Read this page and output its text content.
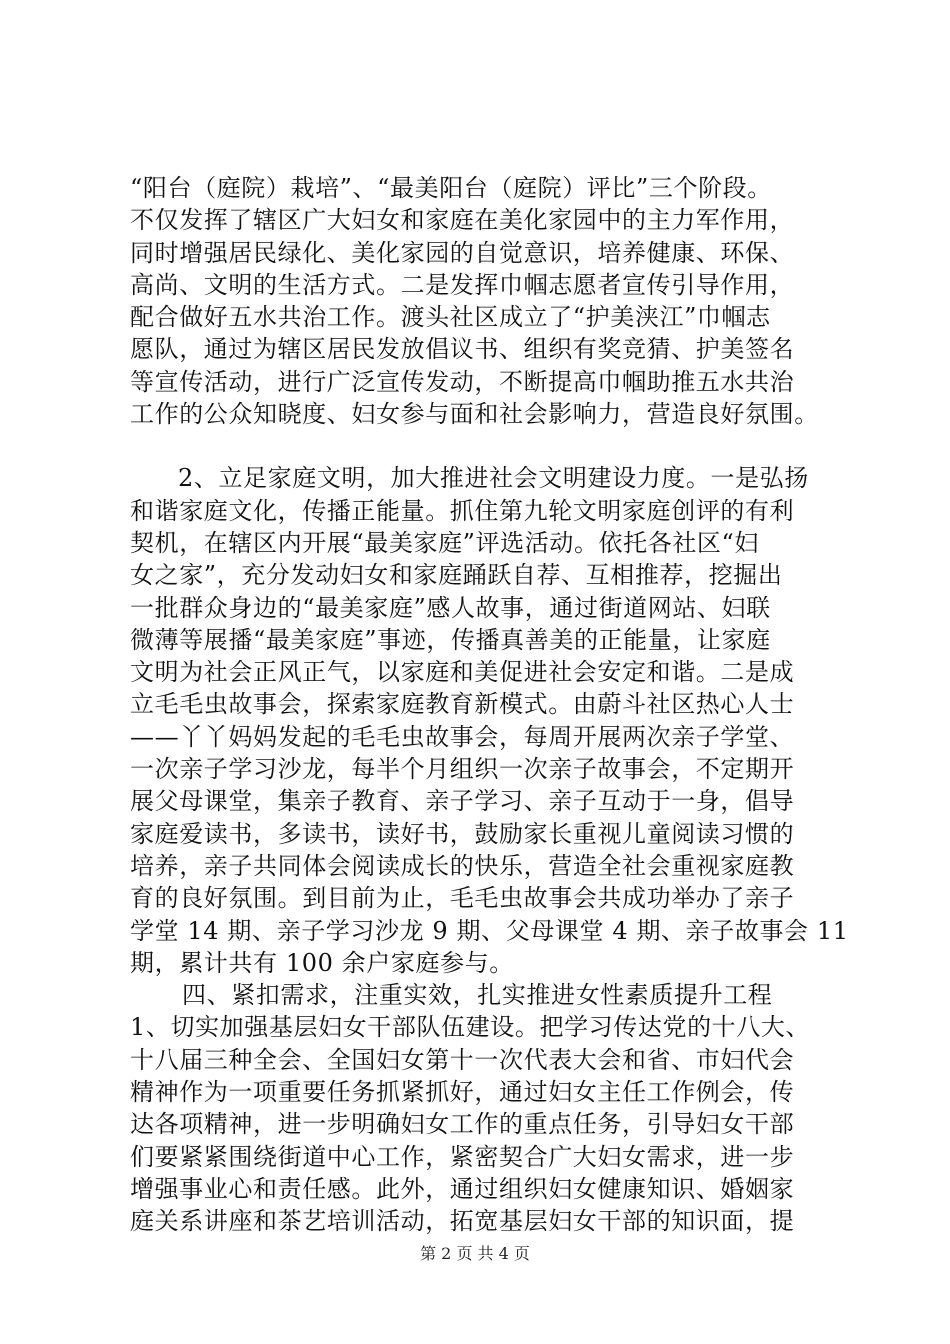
“阳台（庭院）栽培”、“最美阳台（庭院）评比”三个阶段。
不仅发挥了辖区广大妇女和家庭在美化家园中的主力军作用，
同时增强居民绿化、美化家园的自觉意识，培养健康、环保、
高尚、文明的生活方式。二是发挥巾帼志愿者宣传引导作用，
配合做好五水共治工作。渡头社区成立了“护美浃江”巾帼志
愿队，通过为辖区居民发放倡议书、组织有奖竞猜、护美签名
等宣传活动，进行广泛宣传发动，不断提高巾帼助推五水共治
工作的公众知晓度、妇女参与面和社会影响力，营造良好氛围。
2、立足家庭文明，加大推进社会文明建设力度。一是弘扬
和谐家庭文化，传播正能量。抓住第九轮文明家庭创评的有利
契机，在辖区内开展“最美家庭”评选活动。依托各社区“妇
女之家”，充分发动妇女和家庭踊跃自荐、互相推荐，挖掘出
一批群众身边的“最美家庭”感人故事，通过街道网站、妇联
微薄等展播“最美家庭”事迹，传播真善美的正能量，让家庭
文明为社会正风正气，以家庭和美促进社会安定和谐。二是成
立毛毛虫故事会，探索家庭教育新模式。由蔚斗社区热心人士
——丫丫妈妈发起的毛毛虫故事会，每周开展两次亲子学堂、
一次亲子学习沙龙，每半个月组织一次亲子故事会，不定期开
展父母课堂，集亲子教育、亲子学习、亲子互动于一身，倡导
家庭爱读书，多读书，读好书，鼓励家长重视儿童阅读习惯的
培养，亲子共同体会阅读成长的快乐，营造全社会重视家庭教
育的良好氛围。到目前为止，毛毛虫故事会共成功举办了亲子
学堂 14 期、亲子学习沙龙 9 期、父母课堂 4 期、亲子故事会 11
期，累计共有 100 余户家庭参与。
四、紧扣需求，注重实效，扎实推进女性素质提升工程
1、切实加强基层妇女干部队伍建设。把学习传达党的十八大、
十八届三种全会、全国妇女第十一次代表大会和省、市妇代会
精神作为一项重要任务抓紧抓好，通过妇女主任工作例会，传
达各项精神，进一步明确妇女工作的重点任务，引导妇女干部
们要紧紧围绕街道中心工作，紧密契合广大妇女需求，进一步
增强事业心和责任感。此外，通过组织妇女健康知识、婚姻家
庭关系讲座和茶艺培训活动，拓宽基层妇女干部的知识面，提
第 2 页 共 4 页
